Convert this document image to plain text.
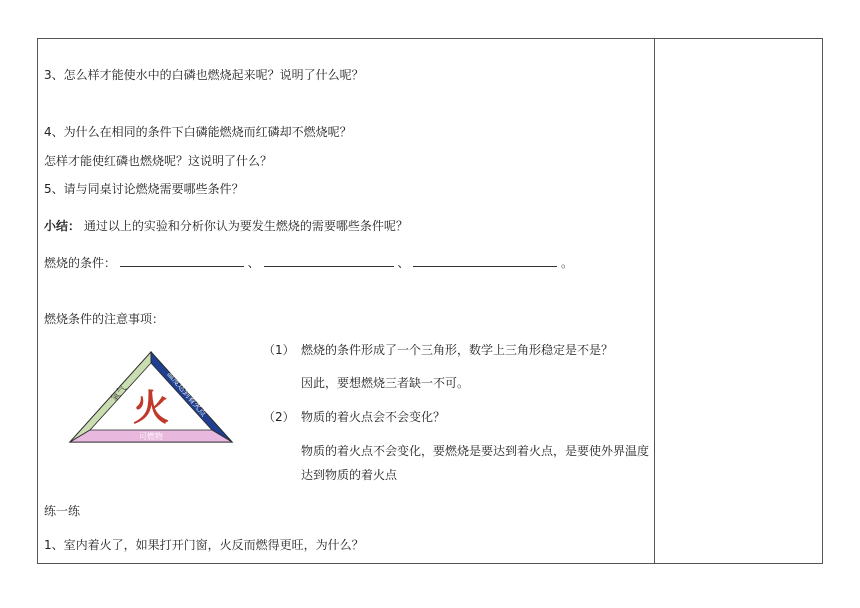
3、怎么样才能使水中的白磷也燃烧起来呢？说明了什么呢？
4、为什么在相同的条件下白磷能燃烧而红磷却不燃烧呢？
怎样才能使红磷也燃烧呢？这说明了什么？
5、请与同桌讨论燃烧需要哪些条件？
小结： 通过以上的实验和分析你认为要发生燃烧的需要哪些条件呢？
燃烧的条件：	、	、	。
燃烧条件的注意事项：
氧气	温度达到着火点
可燃物
火
（1） 燃烧的条件形成了一个三角形，数学上三角形稳定是不是？
因此，要想燃烧三者缺一不可。
（2） 物质的着火点会不会变化？
物质的着火点不会变化，要燃烧是要达到着火点，是要使外界温度
达到物质的着火点
练一练
1、室内着火了，如果打开门窗，火反而燃得更旺，为什么？
